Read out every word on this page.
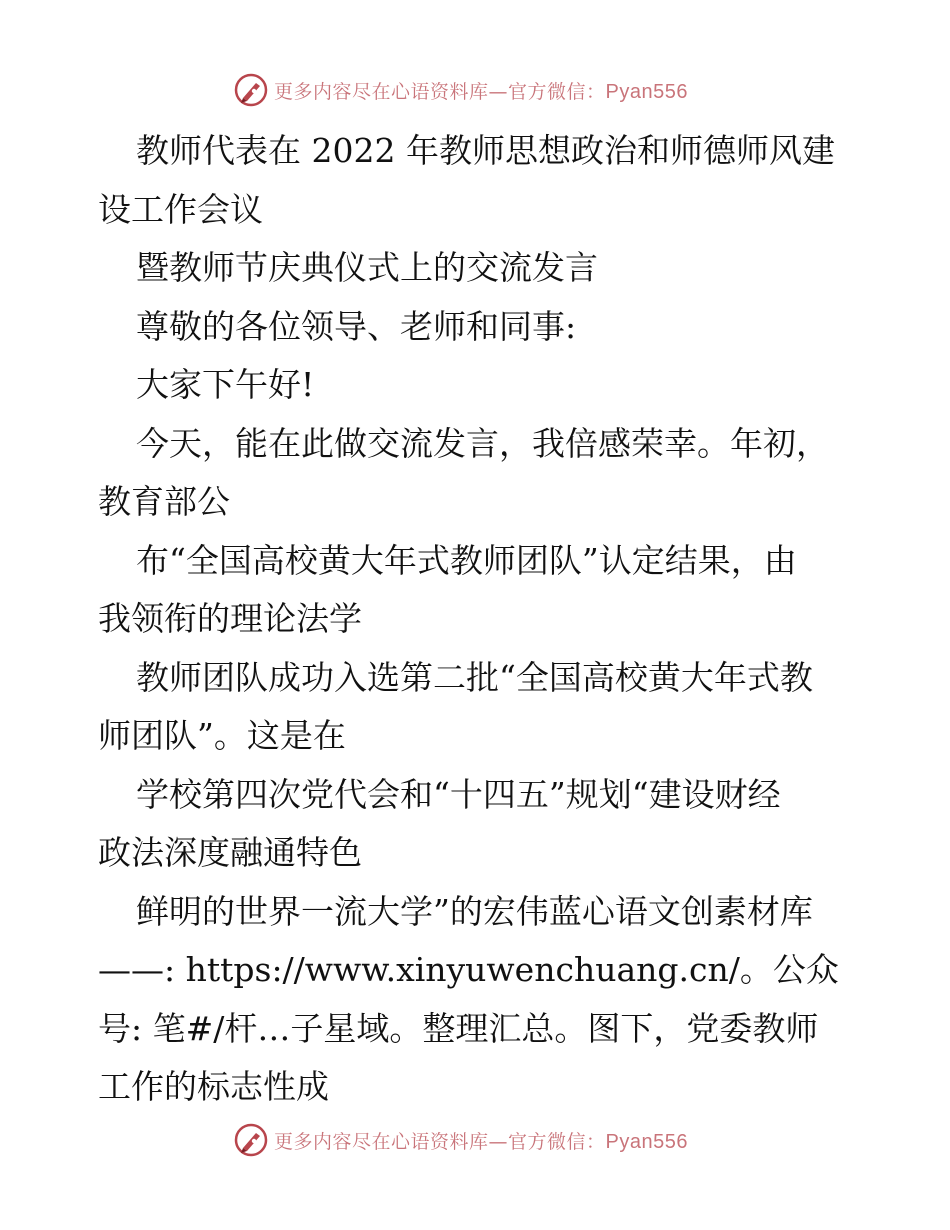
更多内容尽在心语资料库—官方微信：Pyan556
教师代表在 2022 年教师思想政治和师德师风建
设工作会议
暨教师节庆典仪式上的交流发言
尊敬的各位领导、老师和同事:
大家下午好!
今天，能在此做交流发言，我倍感荣幸。年初，
教育部公
布“全国高校黄大年式教师团队”认定结果，由
我领衔的理论法学
教师团队成功入选第二批“全国高校黄大年式教
师团队”。这是在
学校第四次党代会和“十四五”规划“建设财经
政法深度融通特色
鲜明的世界一流大学”的宏伟蓝心语文创素材库
——: https://www.xinyuwenchuang.cn/。公众
号: 笔#/杆…子星域。整理汇总。图下，党委教师
工作的标志性成
更多内容尽在心语资料库—官方微信：Pyan556
